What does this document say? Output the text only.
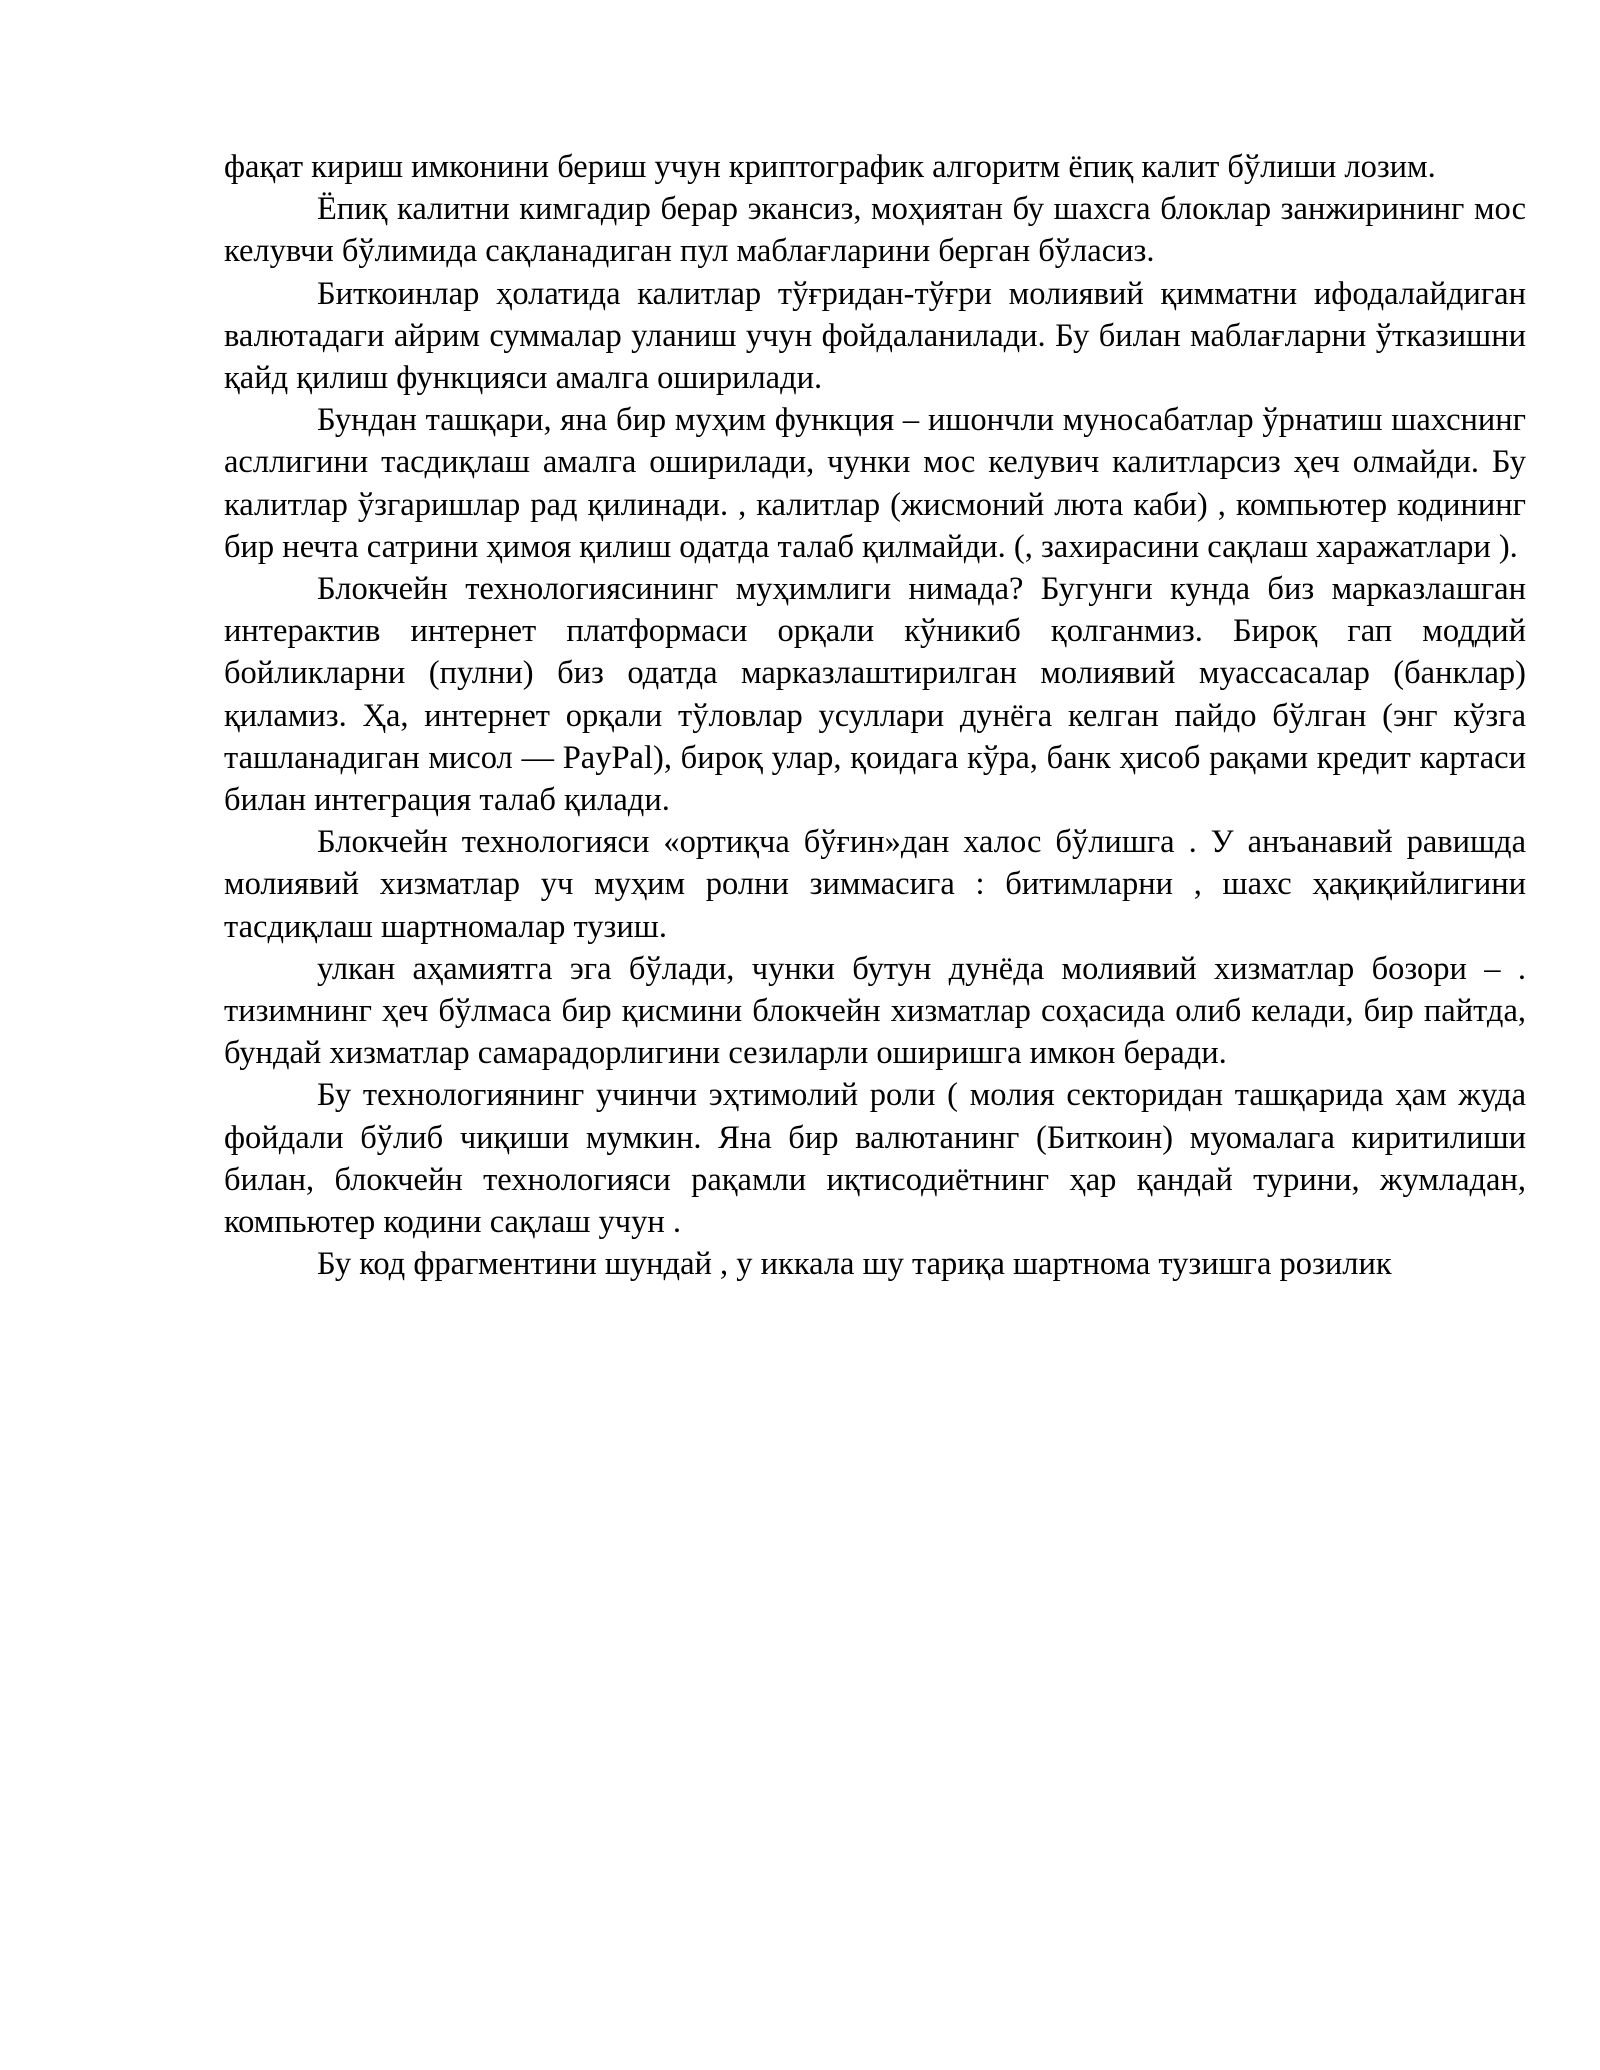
фақат кириш имконини бериш учун криптографик алгоритм ёпиқ калит бўлиши лозим.

Ёпиқ калитни кимгадир берар экансиз, моҳиятан бу шахсга блоклар занжирининг мос келувчи бўлимида сақланадиган пул маблағларини берган бўласиз.

Биткоинлар ҳолатида калитлар тўғридан-тўғри молиявий қимматни ифодалайдиган валютадаги айрим суммалар уланиш учун фойдаланилади. Бу билан маблағларни ўтказишни қайд қилиш функцияси амалга оширилади.

Бундан ташқари, яна бир муҳим функция – ишончли муносабатлар ўрнатиш шахснинг асллигини тасдиқлаш амалга оширилади, чунки мос келувич калитларсиз ҳеч олмайди. Бу калитлар ўзгаришлар рад қилинади. , калитлар (жисмоний люта каби) , компьютер кодининг бир нечта сатрини ҳимоя қилиш одатда талаб қилмайди. (, захирасини сақлаш харажатлари ).

Блокчейн технологиясининг муҳимлиги нимада? Бугунги кунда биз марказлашган интерактив интернет платформаси орқали кўникиб қолганмиз. Бироқ гап моддий бойликларни (пулни) биз одатда марказлаштирилган молиявий муассасалар (банклар) қиламиз. Ҳа, интернет орқали тўловлар усуллари дунёга келган пайдо бўлган (энг кўзга ташланадиган мисол — PayPal), бироқ улар, қоидага кўра, банк ҳисоб рақами кредит картаси билан интеграция талаб қилади.

Блокчейн технологияси «ортиқча бўғин»дан халос бўлишга . У анъанавий равишда молиявий хизматлар уч муҳим ролни зиммасига : битимларни , шахс ҳақиқийлигини тасдиқлаш шартномалар тузиш.

улкан аҳамиятга эга бўлади, чунки бутун дунёда молиявий хизматлар бозори – . тизимнинг ҳеч бўлмаса бир қисмини блокчейн хизматлар соҳасида олиб келади, бир пайтда, бундай хизматлар самарадорлигини сезиларли оширишга имкон беради.

Бу технологиянинг учинчи эҳтимолий роли ( молия секторидан ташқарида ҳам жуда фойдали бўлиб чиқиши мумкин. Яна бир валютанинг (Биткоин) муомалага киритилиши билан, блокчейн технологияси рақамли иқтисодиётнинг ҳар қандай турини, жумладан, компьютер кодини сақлаш учун .

Бу код фрагментини шундай , у иккала шу тариқа шартнома тузишга розилик
